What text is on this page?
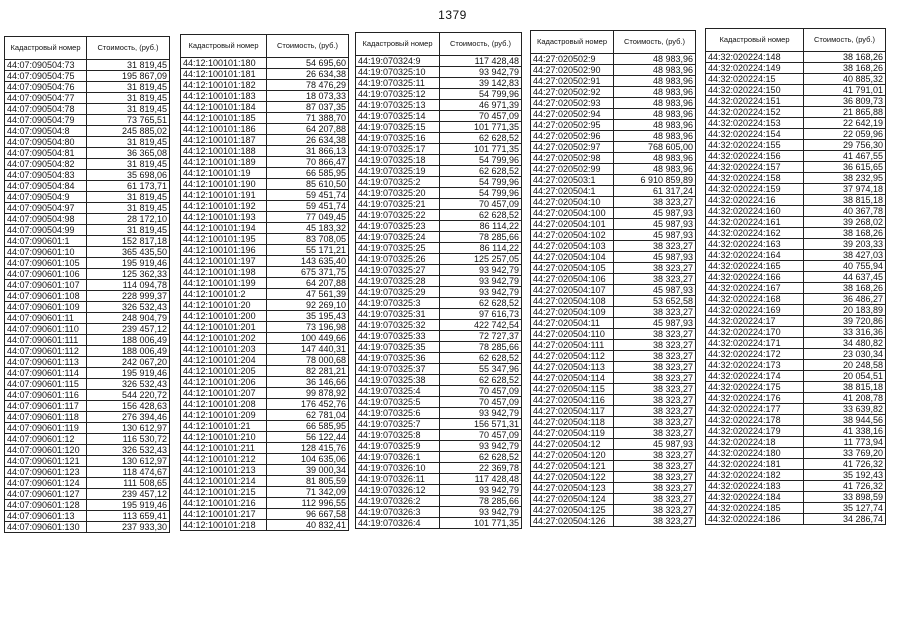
1379
Кадастровый номер	Стоимость, (руб.)
44:07:090504:73	31 819,45
44:07:090504:75	195 867,09
44:07:090504:76	31 819,45
44:07:090504:77	31 819,45
44:07:090504:78	31 819,45
44:07:090504:79	73 765,51
44:07:090504:8	245 885,02
44:07:090504:80	31 819,45
44:07:090504:81	36 365,08
44:07:090504:82	31 819,45
44:07:090504:83	35 698,06
44:07:090504:84	61 173,71
44:07:090504:9	31 819,45
44:07:090504:97	31 819,45
44:07:090504:98	28 172,10
44:07:090504:99	31 819,45
44:07:090601:1	152 817,18
44:07:090601:10	365 435,50
44:07:090601:105	195 919,46
44:07:090601:106	125 362,33
44:07:090601:107	114 094,78
44:07:090601:108	228 999,37
44:07:090601:109	326 532,43
44:07:090601:11	248 904,79
44:07:090601:110	239 457,12
44:07:090601:111	188 006,49
44:07:090601:112	188 006,49
44:07:090601:113	242 067,20
44:07:090601:114	195 919,46
44:07:090601:115	326 532,43
44:07:090601:116	544 220,72
44:07:090601:117	156 428,63
44:07:090601:118	276 394,46
44:07:090601:119	130 612,97
44:07:090601:12	116 530,72
44:07:090601:120	326 532,43
44:07:090601:121	130 612,97
44:07:090601:123	118 474,67
44:07:090601:124	111 508,65
44:07:090601:127	239 457,12
44:07:090601:128	195 919,46
44:07:090601:13	113 659,41
44:07:090601:130	237 933,30
Кадастровый номер	Стоимость, (руб.)
44:12:100101:180	54 695,60
44:12:100101:181	26 634,38
44:12:100101:182	78 476,29
44:12:100101:183	18 073,33
44:12:100101:184	87 037,35
44:12:100101:185	71 388,70
44:12:100101:186	64 207,88
44:12:100101:187	26 634,38
44:12:100101:188	31 866,13
44:12:100101:189	70 866,47
44:12:100101:19	66 585,95
44:12:100101:190	85 610,50
44:12:100101:191	59 451,74
44:12:100101:192	59 451,74
44:12:100101:193	77 049,45
44:12:100101:194	45 183,32
44:12:100101:195	83 708,05
44:12:100101:196	55 171,21
44:12:100101:197	143 635,40
44:12:100101:198	675 371,75
44:12:100101:199	64 207,88
44:12:100101:2	47 561,39
44:12:100101:20	92 269,10
44:12:100101:200	35 195,43
44:12:100101:201	73 196,98
44:12:100101:202	100 449,66
44:12:100101:203	147 440,31
44:12:100101:204	78 000,68
44:12:100101:205	82 281,21
44:12:100101:206	36 146,66
44:12:100101:207	99 878,92
44:12:100101:208	176 452,76
44:12:100101:209	62 781,04
44:12:100101:21	66 585,95
44:12:100101:210	56 122,44
44:12:100101:211	128 415,76
44:12:100101:212	104 635,06
44:12:100101:213	39 000,34
44:12:100101:214	81 805,59
44:12:100101:215	71 342,09
44:12:100101:216	112 996,55
44:12:100101:217	96 667,58
44:12:100101:218	40 832,41
Кадастровый номер	Стоимость, (руб.)
44:19:070324:9	117 428,48
44:19:070325:10	93 942,79
44:19:070325:11	39 142,83
44:19:070325:12	54 799,96
44:19:070325:13	46 971,39
44:19:070325:14	70 457,09
44:19:070325:15	101 771,35
44:19:070325:16	62 628,52
44:19:070325:17	101 771,35
44:19:070325:18	54 799,96
44:19:070325:19	62 628,52
44:19:070325:2	54 799,96
44:19:070325:20	54 799,96
44:19:070325:21	70 457,09
44:19:070325:22	62 628,52
44:19:070325:23	86 114,22
44:19:070325:24	78 285,66
44:19:070325:25	86 114,22
44:19:070325:26	125 257,05
44:19:070325:27	93 942,79
44:19:070325:28	93 942,79
44:19:070325:29	93 942,79
44:19:070325:3	62 628,52
44:19:070325:31	97 616,73
44:19:070325:32	422 742,54
44:19:070325:33	72 727,37
44:19:070325:35	78 285,66
44:19:070325:36	62 628,52
44:19:070325:37	55 347,96
44:19:070325:38	62 628,52
44:19:070325:4	70 457,09
44:19:070325:5	70 457,09
44:19:070325:6	93 942,79
44:19:070325:7	156 571,31
44:19:070325:8	70 457,09
44:19:070325:9	93 942,79
44:19:070326:1	62 628,52
44:19:070326:10	22 369,78
44:19:070326:11	117 428,48
44:19:070326:12	93 942,79
44:19:070326:2	78 285,66
44:19:070326:3	93 942,79
44:19:070326:4	101 771,35
Кадастровый номер	Стоимость, (руб.)
44:27:020502:9	48 983,96
44:27:020502:90	48 983,96
44:27:020502:91	48 983,96
44:27:020502:92	48 983,96
44:27:020502:93	48 983,96
44:27:020502:94	48 983,96
44:27:020502:95	48 983,96
44:27:020502:96	48 983,96
44:27:020502:97	768 605,00
44:27:020502:98	48 983,96
44:27:020502:99	48 983,96
44:27:020503:1	6 910 859,89
44:27:020504:1	61 317,24
44:27:020504:10	38 323,27
44:27:020504:100	45 987,93
44:27:020504:101	45 987,93
44:27:020504:102	45 987,93
44:27:020504:103	38 323,27
44:27:020504:104	45 987,93
44:27:020504:105	38 323,27
44:27:020504:106	38 323,27
44:27:020504:107	45 987,93
44:27:020504:108	53 652,58
44:27:020504:109	38 323,27
44:27:020504:11	45 987,93
44:27:020504:110	38 323,27
44:27:020504:111	38 323,27
44:27:020504:112	38 323,27
44:27:020504:113	38 323,27
44:27:020504:114	38 323,27
44:27:020504:115	38 323,27
44:27:020504:116	38 323,27
44:27:020504:117	38 323,27
44:27:020504:118	38 323,27
44:27:020504:119	38 323,27
44:27:020504:12	45 987,93
44:27:020504:120	38 323,27
44:27:020504:121	38 323,27
44:27:020504:122	38 323,27
44:27:020504:123	38 323,27
44:27:020504:124	38 323,27
44:27:020504:125	38 323,27
44:27:020504:126	38 323,27
Кадастровый номер	Стоимость, (руб.)
44:32:020224:148	38 168,26
44:32:020224:149	38 168,26
44:32:020224:15	40 885,32
44:32:020224:150	41 791,01
44:32:020224:151	36 809,73
44:32:020224:152	21 865,88
44:32:020224:153	22 642,19
44:32:020224:154	22 059,96
44:32:020224:155	29 756,30
44:32:020224:156	41 467,55
44:32:020224:157	36 615,65
44:32:020224:158	38 232,95
44:32:020224:159	37 974,18
44:32:020224:16	38 815,18
44:32:020224:160	40 367,78
44:32:020224:161	39 268,02
44:32:020224:162	38 168,26
44:32:020224:163	39 203,33
44:32:020224:164	38 427,03
44:32:020224:165	40 755,94
44:32:020224:166	44 637,45
44:32:020224:167	38 168,26
44:32:020224:168	36 486,27
44:32:020224:169	20 183,89
44:32:020224:17	39 720,86
44:32:020224:170	33 316,36
44:32:020224:171	34 480,82
44:32:020224:172	23 030,34
44:32:020224:173	20 248,58
44:32:020224:174	20 054,51
44:32:020224:175	38 815,18
44:32:020224:176	41 208,78
44:32:020224:177	33 639,82
44:32:020224:178	38 944,56
44:32:020224:179	41 338,16
44:32:020224:18	11 773,94
44:32:020224:180	33 769,20
44:32:020224:181	41 726,32
44:32:020224:182	35 192,43
44:32:020224:183	41 726,32
44:32:020224:184	33 898,59
44:32:020224:185	35 127,74
44:32:020224:186	34 286,74
